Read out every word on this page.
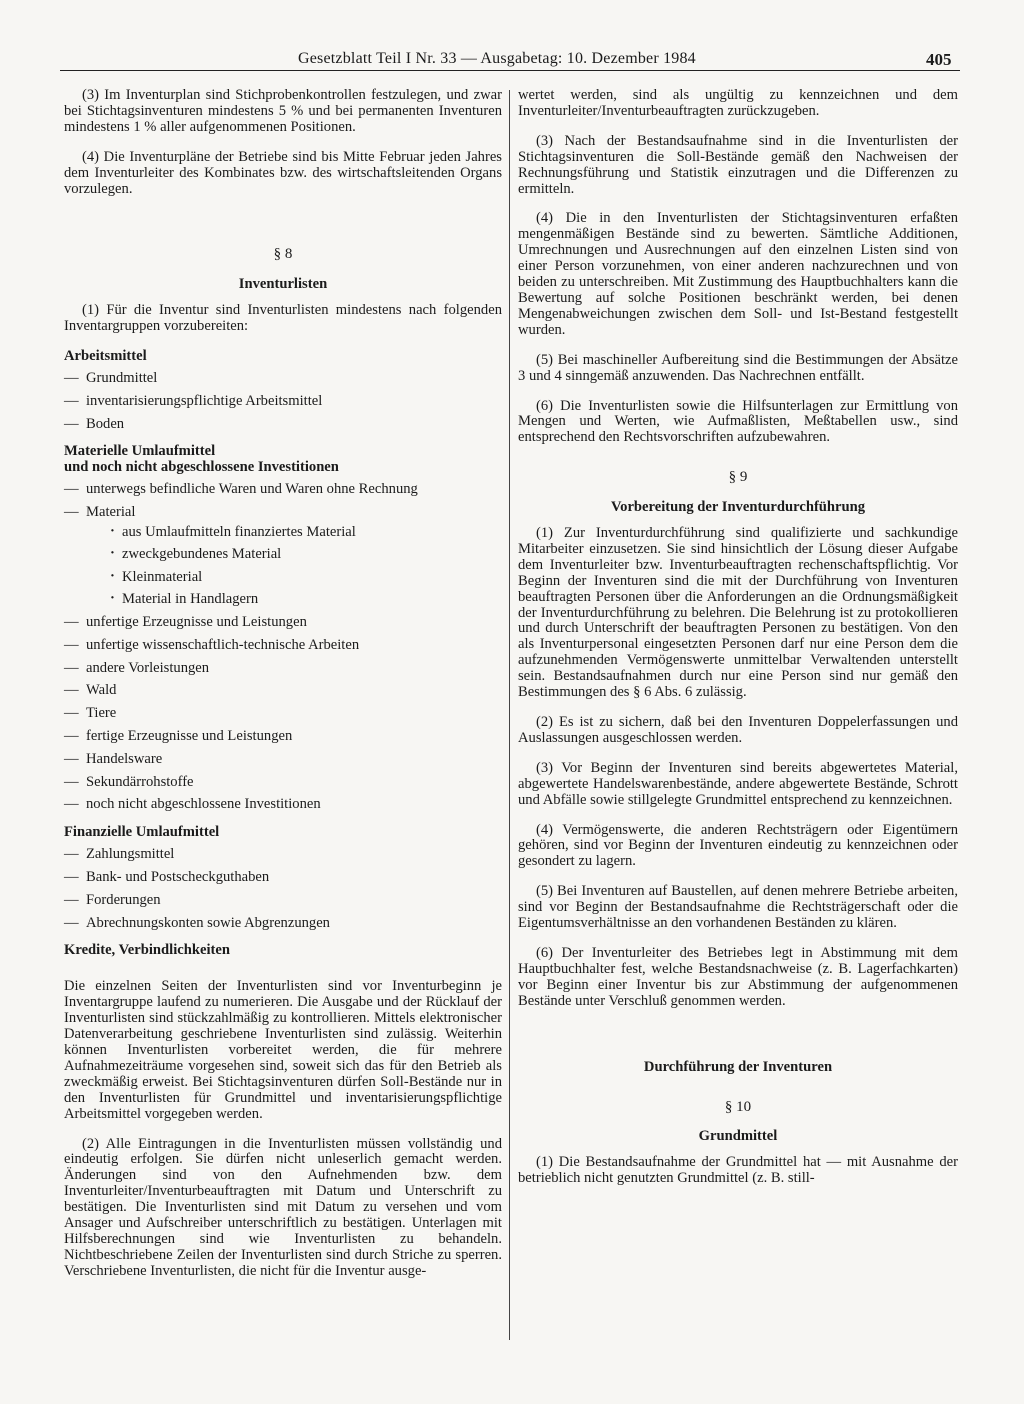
Gesetzblatt Teil I Nr. 33 — Ausgabetag: 10. Dezember 1984	405

(3) Im Inventurplan sind Stichprobenkontrollen festzulegen, und zwar bei Stichtagsinventuren mindestens 5 % und bei permanenten Inventuren mindestens 1 % aller aufgenommenen Positionen.

(4) Die Inventurpläne der Betriebe sind bis Mitte Februar jeden Jahres dem Inventurleiter des Kombinates bzw. des wirtschaftsleitenden Organs vorzulegen.

§ 8
Inventurlisten

(1) Für die Inventur sind Inventurlisten mindestens nach folgenden Inventargruppen vorzubereiten:

Arbeitsmittel
— Grundmittel
— inventarisierungspflichtige Arbeitsmittel
— Boden
Materielle Umlaufmittel
und noch nicht abgeschlossene Investitionen
— unterwegs befindliche Waren und Waren ohne Rechnung
— Material
· aus Umlaufmitteln finanziertes Material
· zweckgebundenes Material
· Kleinmaterial
· Material in Handlagern
— unfertige Erzeugnisse und Leistungen
— unfertige wissenschaftlich-technische Arbeiten
— andere Vorleistungen
— Wald
— Tiere
— fertige Erzeugnisse und Leistungen
— Handelsware
— Sekundärrohstoffe
— noch nicht abgeschlossene Investitionen
Finanzielle Umlaufmittel
— Zahlungsmittel
— Bank- und Postscheckguthaben
— Forderungen
— Abrechnungskonten sowie Abgrenzungen
Kredite, Verbindlichkeiten

Die einzelnen Seiten der Inventurlisten sind vor Inventurbeginn je Inventargruppe laufend zu numerieren. Die Ausgabe und der Rücklauf der Inventurlisten sind stückzahlmäßig zu kontrollieren. Mittels elektronischer Datenverarbeitung geschriebene Inventurlisten sind zulässig. Weiterhin können Inventurlisten vorbereitet werden, die für mehrere Aufnahmezeiträume vorgesehen sind, soweit sich das für den Betrieb als zweckmäßig erweist. Bei Stichtagsinventuren dürfen Soll-Bestände nur in den Inventurlisten für Grundmittel und inventarisierungspflichtige Arbeitsmittel vorgegeben werden.

(2) Alle Eintragungen in die Inventurlisten müssen vollständig und eindeutig erfolgen. Sie dürfen nicht unleserlich gemacht werden. Änderungen sind von den Aufnehmenden bzw. dem Inventurleiter/Inventurbeauftragten mit Datum und Unterschrift zu bestätigen. Die Inventurlisten sind mit Datum zu versehen und vom Ansager und Aufschreiber unterschriftlich zu bestätigen. Unterlagen mit Hilfsberechnungen sind wie Inventurlisten zu behandeln. Nichtbeschriebene Zeilen der Inventurlisten sind durch Striche zu sperren. Verschriebene Inventurlisten, die nicht für die Inventur ausge-

wertet werden, sind als ungültig zu kennzeichnen und dem Inventurleiter/Inventurbeauftragten zurückzugeben.

(3) Nach der Bestandsaufnahme sind in die Inventurlisten der Stichtagsinventuren die Soll-Bestände gemäß den Nachweisen der Rechnungsführung und Statistik einzutragen und die Differenzen zu ermitteln.

(4) Die in den Inventurlisten der Stichtagsinventuren erfaßten mengenmäßigen Bestände sind zu bewerten. Sämtliche Additionen, Umrechnungen und Ausrechnungen auf den einzelnen Listen sind von einer Person vorzunehmen, von einer anderen nachzurechnen und von beiden zu unterschreiben. Mit Zustimmung des Hauptbuchhalters kann die Bewertung auf solche Positionen beschränkt werden, bei denen Mengenabweichungen zwischen dem Soll- und Ist-Bestand festgestellt wurden.

(5) Bei maschineller Aufbereitung sind die Bestimmungen der Absätze 3 und 4 sinngemäß anzuwenden. Das Nachrechnen entfällt.

(6) Die Inventurlisten sowie die Hilfsunterlagen zur Ermittlung von Mengen und Werten, wie Aufmaßlisten, Meßtabellen usw., sind entsprechend den Rechtsvorschriften aufzubewahren.

§ 9
Vorbereitung der Inventurdurchführung

(1) Zur Inventurdurchführung sind qualifizierte und sachkundige Mitarbeiter einzusetzen. Sie sind hinsichtlich der Lösung dieser Aufgabe dem Inventurleiter bzw. Inventurbeauftragten rechenschaftspflichtig. Vor Beginn der Inventuren sind die mit der Durchführung von Inventuren beauftragten Personen über die Anforderungen an die Ordnungsmäßigkeit der Inventurdurchführung zu belehren. Die Belehrung ist zu protokollieren und durch Unterschrift der beauftragten Personen zu bestätigen. Von den als Inventurpersonal eingesetzten Personen darf nur eine Person dem die aufzunehmenden Vermögenswerte unmittelbar Verwaltenden unterstellt sein. Bestandsaufnahmen durch nur eine Person sind nur gemäß den Bestimmungen des § 6 Abs. 6 zulässig.

(2) Es ist zu sichern, daß bei den Inventuren Doppelerfassungen und Auslassungen ausgeschlossen werden.

(3) Vor Beginn der Inventuren sind bereits abgewertetes Material, abgewertete Handelswarenbestände, andere abgewertete Bestände, Schrott und Abfälle sowie stillgelegte Grundmittel entsprechend zu kennzeichnen.

(4) Vermögenswerte, die anderen Rechtsträgern oder Eigentümern gehören, sind vor Beginn der Inventuren eindeutig zu kennzeichnen oder gesondert zu lagern.

(5) Bei Inventuren auf Baustellen, auf denen mehrere Betriebe arbeiten, sind vor Beginn der Bestandsaufnahme die Rechtsträgerschaft oder die Eigentumsverhältnisse an den vorhandenen Beständen zu klären.

(6) Der Inventurleiter des Betriebes legt in Abstimmung mit dem Hauptbuchhalter fest, welche Bestandsnachweise (z. B. Lagerfachkarten) vor Beginn einer Inventur bis zur Abstimmung der aufgenommenen Bestände unter Verschluß genommen werden.

Durchführung der Inventuren
§ 10
Grundmittel

(1) Die Bestandsaufnahme der Grundmittel hat — mit Ausnahme der betrieblich nicht genutzten Grundmittel (z. B. still-
